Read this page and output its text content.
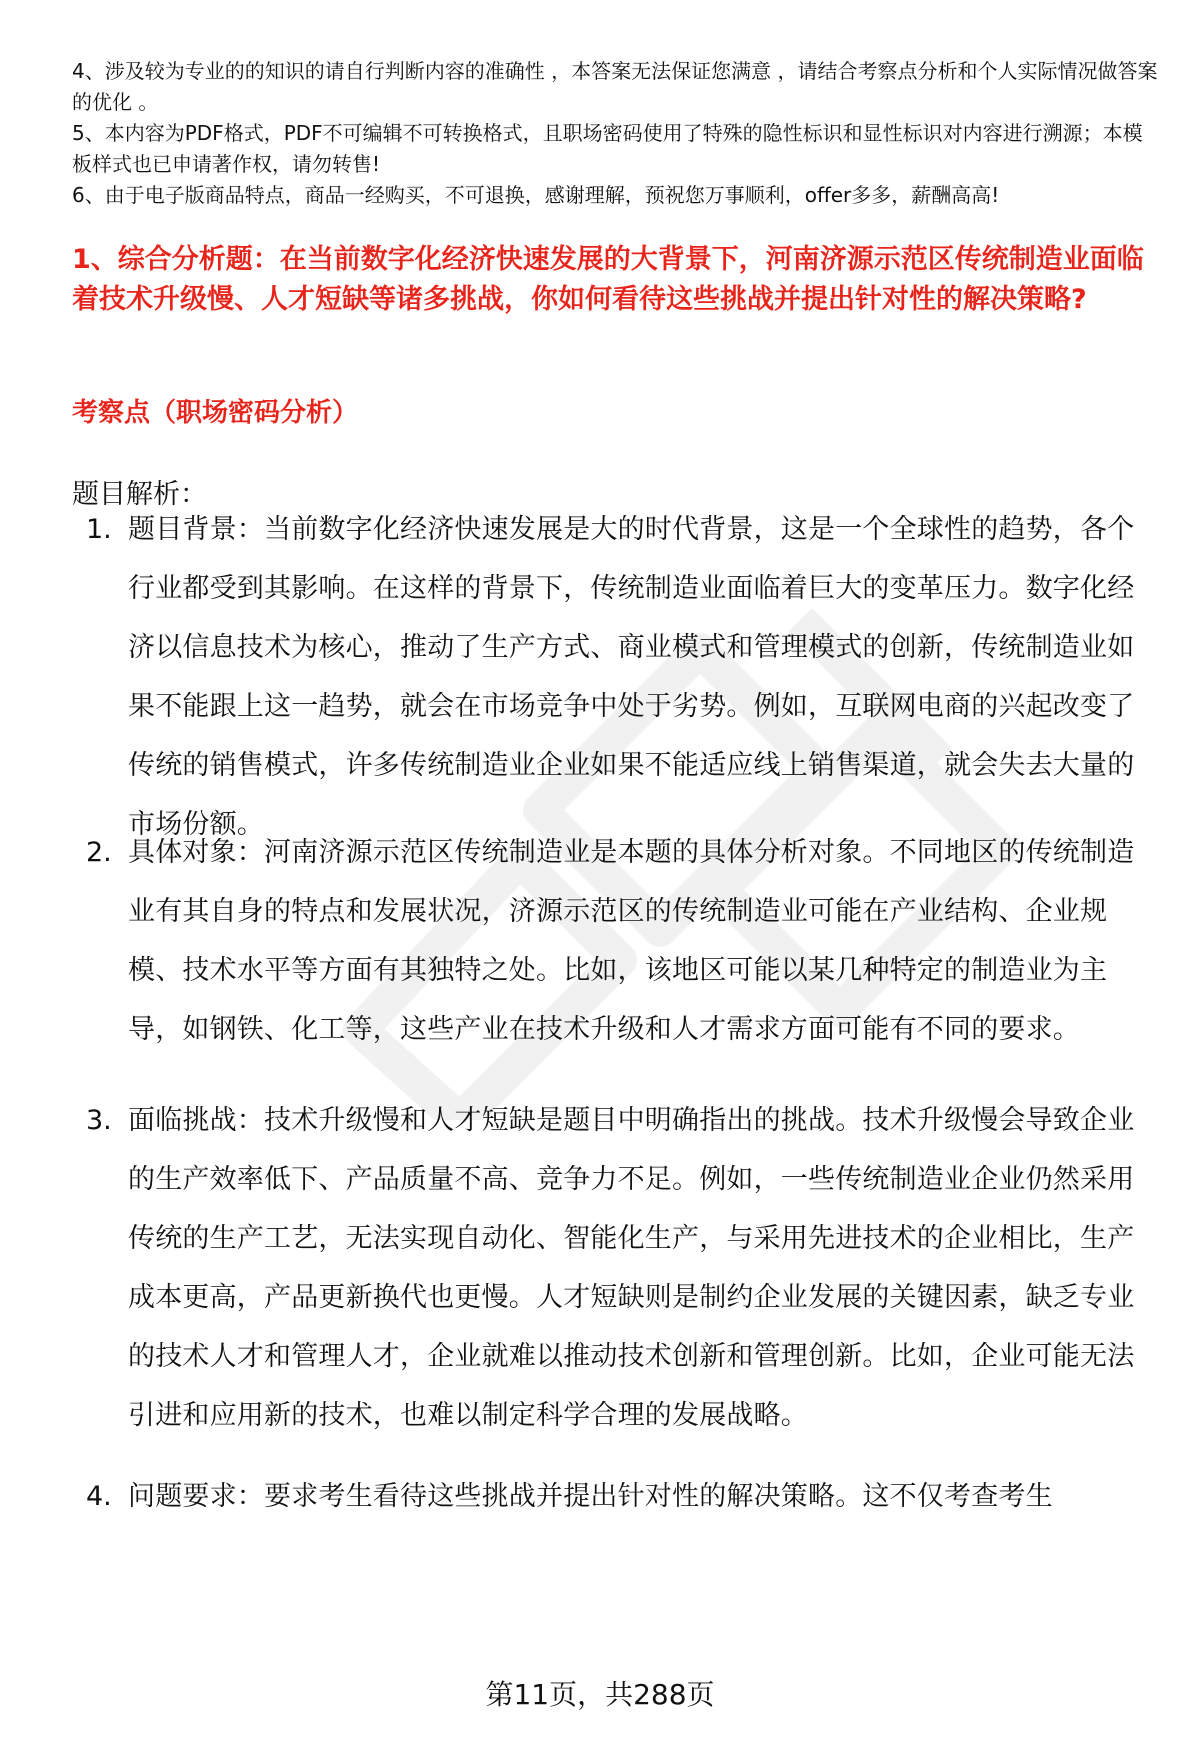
4、涉及较为专业的的知识的请自行判断内容的准确性 ，本答案无法保证您满意 ，请结合考察点分析和个人实际情况做答案的优化 。

5、本内容为PDF格式，PDF不可编辑不可转换格式，且职场密码使用了特殊的隐性标识和显性标识对内容进行溯源；本模板样式也已申请著作权，请勿转售!

6、由于电子版商品特点，商品一经购买，不可退换，感谢理解，预祝您万事顺利，offer多多，薪酬高高!

1、综合分析题：在当前数字化经济快速发展的大背景下，河南济源示范区传统制造业面临着技术升级慢、人才短缺等诸多挑战，你如何看待这些挑战并提出针对性的解决策略?

考察点（职场密码分析）

题目解析：

1. 题目背景：当前数字化经济快速发展是大的时代背景，这是一个全球性的趋势，各个行业都受到其影响。在这样的背景下，传统制造业面临着巨大的变革压力。数字化经济以信息技术为核心，推动了生产方式、商业模式和管理模式的创新，传统制造业如果不能跟上这一趋势，就会在市场竞争中处于劣势。例如，互联网电商的兴起改变了传统的销售模式，许多传统制造业企业如果不能适应线上销售渠道，就会失去大量的市场份额。
2. 具体对象：河南济源示范区传统制造业是本题的具体分析对象。不同地区的传统制造业有其自身的特点和发展状况，济源示范区的传统制造业可能在产业结构、企业规模、技术水平等方面有其独特之处。比如，该地区可能以某几种特定的制造业为主导，如钢铁、化工等，这些产业在技术升级和人才需求方面可能有不同的要求。
3. 面临挑战：技术升级慢和人才短缺是题目中明确指出的挑战。技术升级慢会导致企业的生产效率低下、产品质量不高、竞争力不足。例如，一些传统制造业企业仍然采用传统的生产工艺，无法实现自动化、智能化生产，与采用先进技术的企业相比，生产成本更高，产品更新换代也更慢。人才短缺则是制约企业发展的关键因素，缺乏专业的技术人才和管理人才，企业就难以推动技术创新和管理创新。比如，企业可能无法引进和应用新的技术，也难以制定科学合理的发展战略。
4. 问题要求：要求考生看待这些挑战并提出针对性的解决策略。这不仅考查考生

第11页，共288页
